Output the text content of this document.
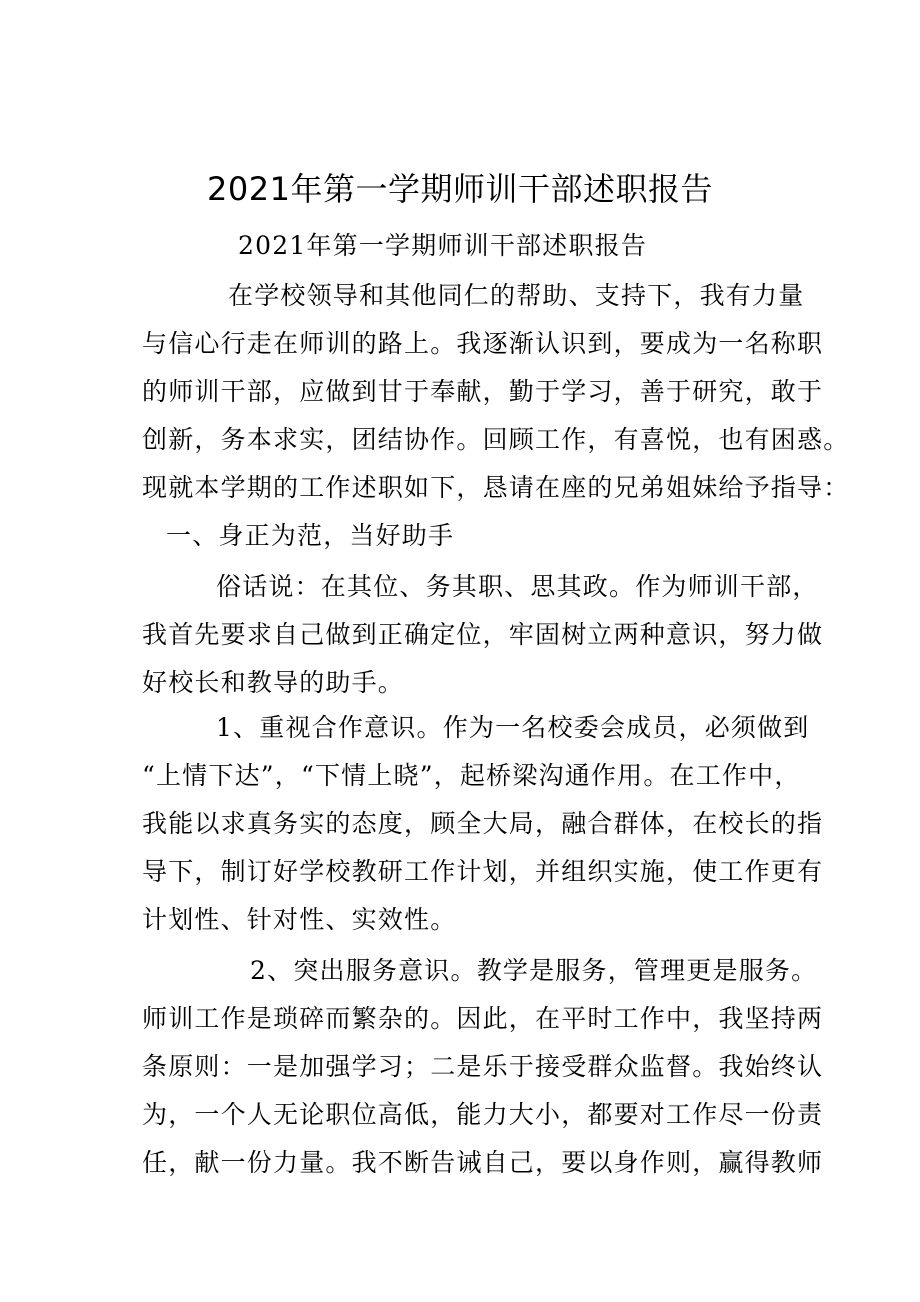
2021年第一学期师训干部述职报告
2021年第一学期师训干部述职报告
在学校领导和其他同仁的帮助、支持下，我有力量
与信心行走在师训的路上。我逐渐认识到，要成为一名称职
的师训干部，应做到甘于奉献，勤于学习，善于研究，敢于
创新，务本求实，团结协作。回顾工作，有喜悦，也有困惑。
现就本学期的工作述职如下，恳请在座的兄弟姐妹给予指导：
一、身正为范，当好助手
俗话说：在其位、务其职、思其政。作为师训干部，
我首先要求自己做到正确定位，牢固树立两种意识，努力做
好校长和教导的助手。
1、重视合作意识。作为一名校委会成员，必须做到
“上情下达”，“下情上晓”，起桥梁沟通作用。在工作中，
我能以求真务实的态度，顾全大局，融合群体，在校长的指
导下，制订好学校教研工作计划，并组织实施，使工作更有
计划性、针对性、实效性。
2、突出服务意识。教学是服务，管理更是服务。
师训工作是琐碎而繁杂的。因此，在平时工作中，我坚持两
条原则：一是加强学习；二是乐于接受群众监督。我始终认
为，一个人无论职位高低，能力大小，都要对工作尽一份责
任，献一份力量。我不断告诫自己，要以身作则，赢得教师
